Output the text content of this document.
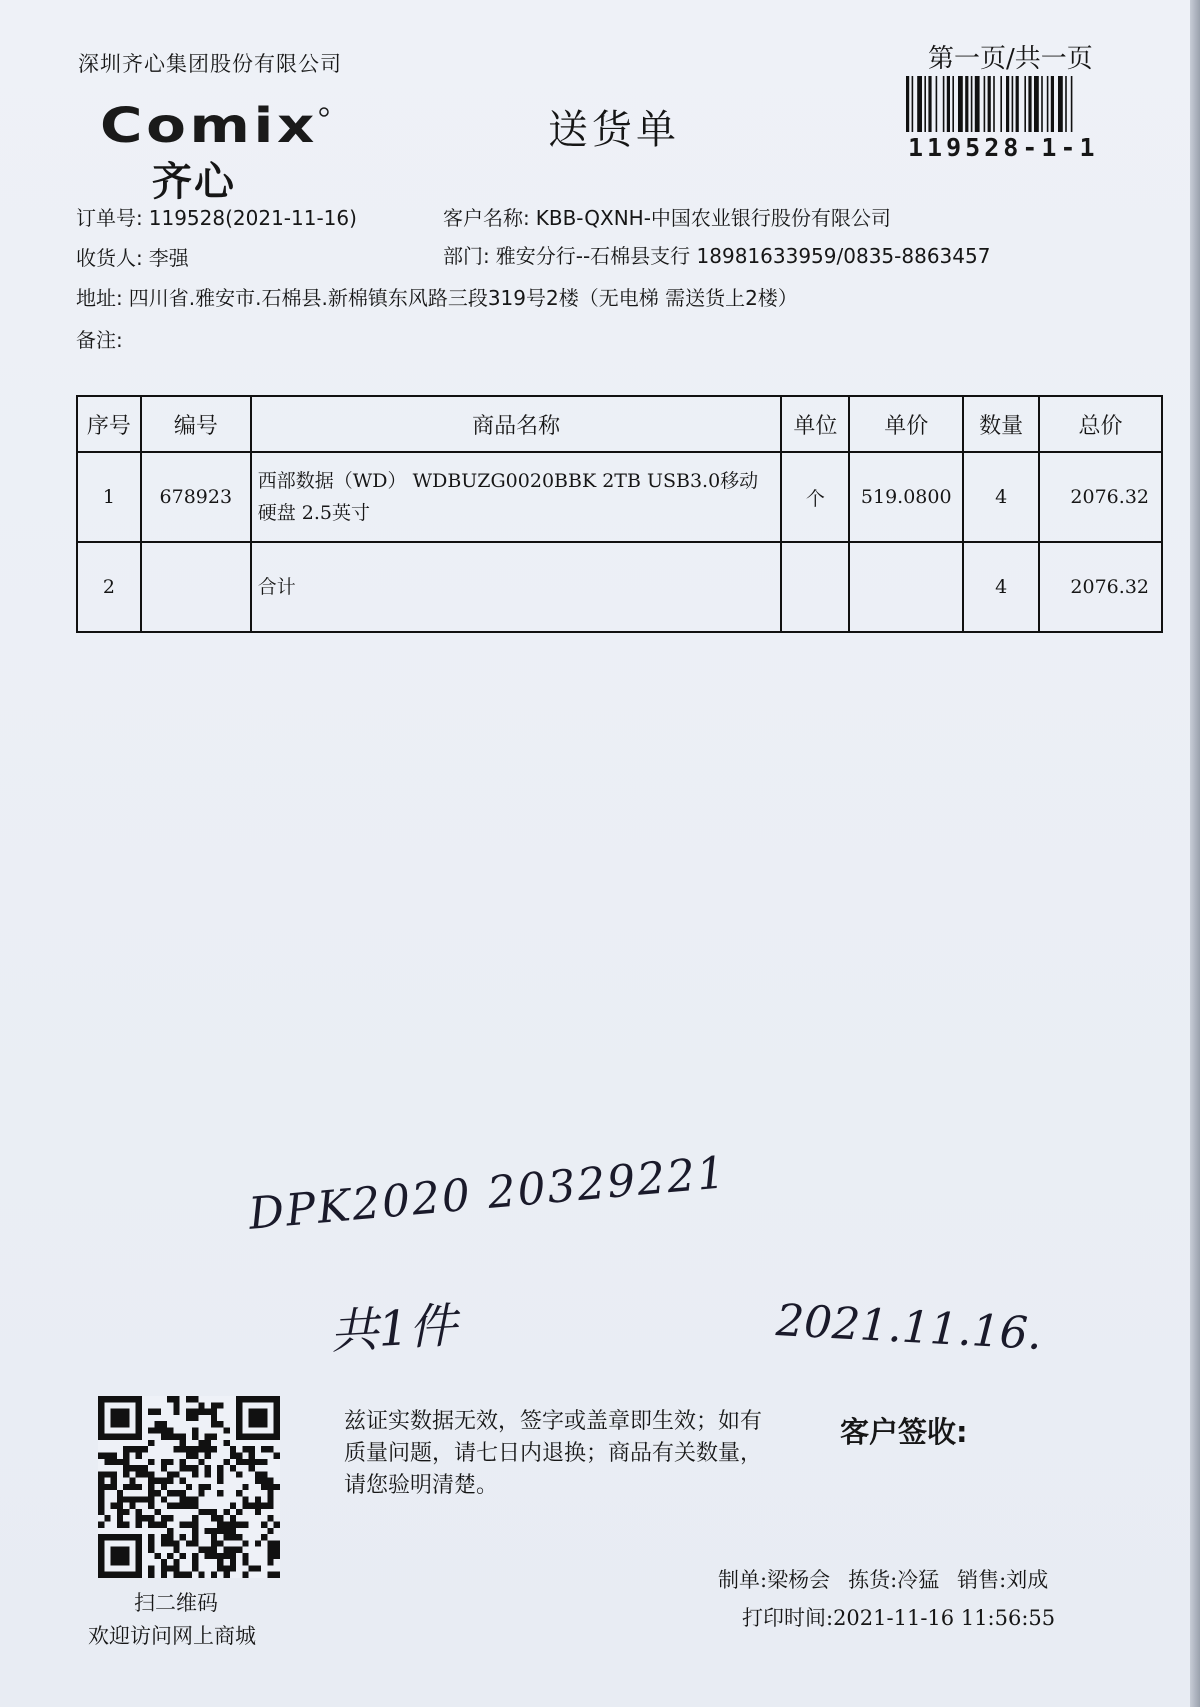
深圳齐心集团股份有限公司	第一页/共一页
119528-1-1
Comix
齐心
送货单
订单号: 119528(2021-11-16)	客户名称: KBB-QXNH-中国农业银行股份有限公司
收货人: 李强	部门: 雅安分行--石棉县支行 18981633959/0835-8863457
地址: 四川省.雅安市.石棉县.新棉镇东风路三段319号2楼（无电梯 需送货上2楼）
备注:
序号	编号	商品名称	单位	单价	数量	总价
1	678923	西部数据（WD） WDBUZG0020BBK 2TB USB3.0移动硬盘 2.5英寸	个	519.0800	4	2076.32
2		合计			4	2076.32
DPK2020 20329221
共1件	2021.11.16.
扫二维码
欢迎访问网上商城
兹证实数据无效，签字或盖章即生效；如有质量问题，请七日内退换；商品有关数量，请您验明清楚。
客户签收:
制单:梁杨会 拣货:冷猛 销售:刘成
打印时间:2021-11-16 11:56:55
